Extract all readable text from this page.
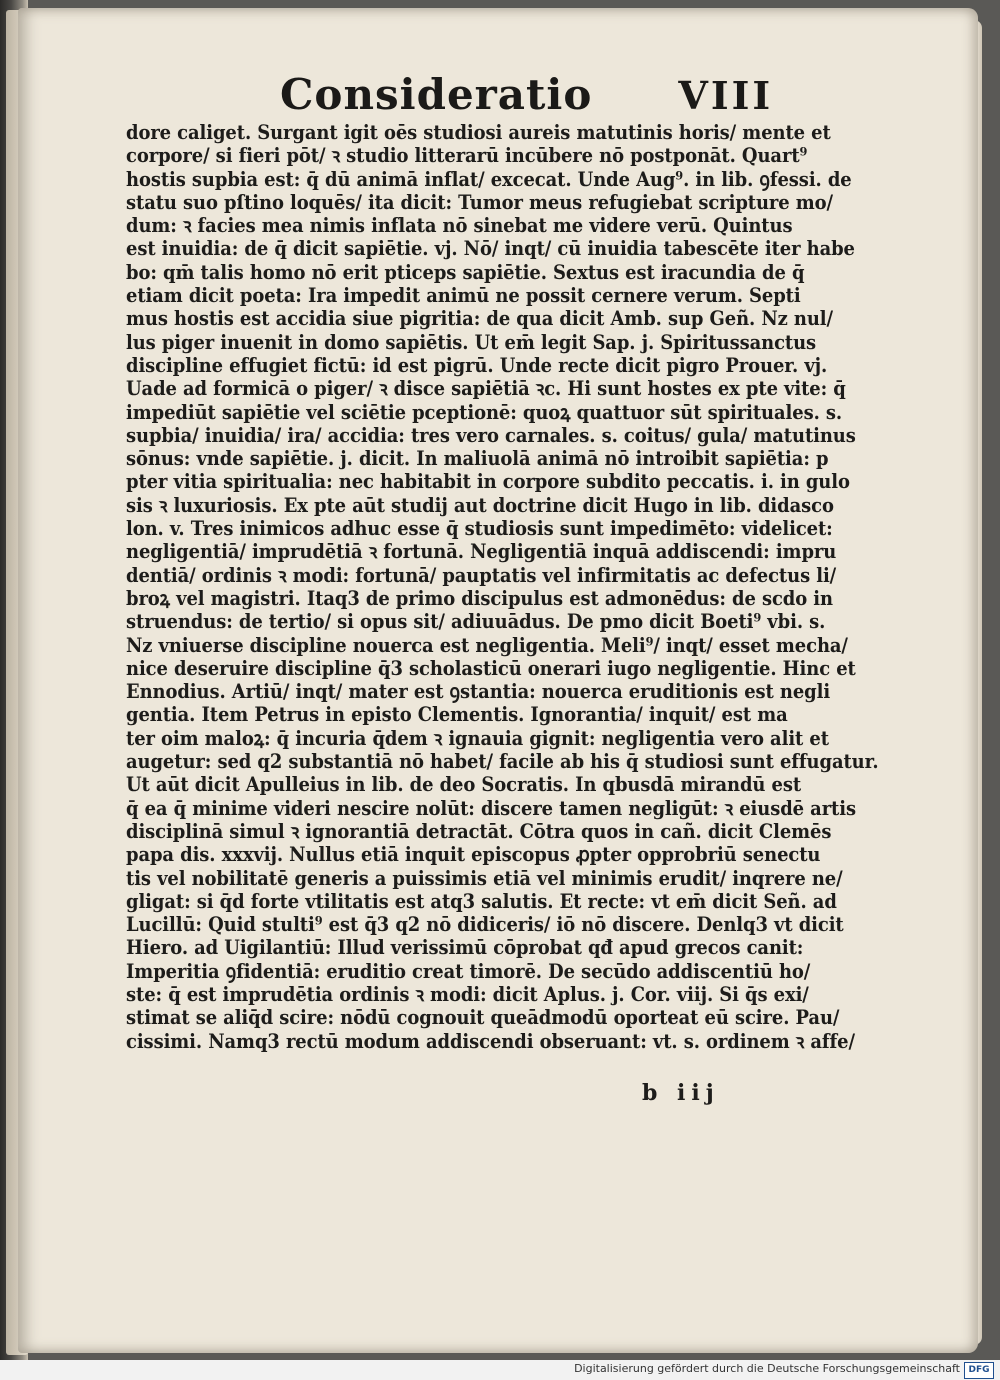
Consideratio VIII
dore caliget. Surgant igit oēs studiosi aureis matutinis horis/ mente et
corpore/ si fieri pōt/ ꝛ studio litterarū incūbere nō postponāt. Quart⁹
hostis supbia est: q̄ dū animā inflat/ excecat. Unde Aug⁹. in lib. ꝯfessi. de
statu suo pſtino loquēs/ ita dicit: Tumor meus refugiebat scripture mo/
dum: ꝛ facies mea nimis inflata nō sinebat me videre verū. Quintus
est inuidia: de q̄ dicit sapiētie. vj. Nō/ inqt/ cū inuidia tabescēte iter habe
bo: qm̄ talis homo nō erit pticeps sapiētie. Sextus est iracundia de q̄
etiam dicit poeta: Ira impedit animū ne possit cernere verum. Septi
mus hostis est accidia siue pigritia: de qua dicit Amb. sup Geñ. Nz nul/
lus piger inuenit in domo sapiētis. Ut em̄ legit Sap. j. Spiritussanctus
discipline effugiet fictū: id est pigrū. Unde recte dicit pigro Prouer. vj.
Uade ad formicā o piger/ ꝛ disce sapiētiā ꝛc. Hi sunt hostes ex pte vite: q̄
impediūt sapiētie vel sciētie pceptionē: quoꝝ quattuor sūt spirituales. s.
supbia/ inuidia/ ira/ accidia: tres vero carnales. s. coitus/ gula/ matutinus
sōnus: vnde sapiētie. j. dicit. In maliuolā animā nō introibit sapiētia: p
pter vitia spiritualia: nec habitabit in corpore subdito peccatis. i. in gulo
sis ꝛ luxuriosis. Ex pte aūt studij aut doctrine dicit Hugo in lib. didasco
lon. v. Tres inimicos adhuc esse q̄ studiosis sunt impedimēto: videlicet:
negligentiā/ imprudētiā ꝛ fortunā. Negligentiā inquā addiscendi: impru
dentiā/ ordinis ꝛ modi: fortunā/ pauptatis vel infirmitatis ac defectus li/
broꝝ vel magistri. Itaq3 de primo discipulus est admonēdus: de scdo in
struendus: de tertio/ si opus sit/ adiuuādus. De pmo dicit Boeti⁹ vbi. s.
Nz vniuerse discipline nouerca est negligentia. Meli⁹/ inqt/ esset mecha/
nice deseruire discipline q̄3 scholasticū onerari iugo negligentie. Hinc et
Ennodius. Artiū/ inqt/ mater est ꝯstantia: nouerca eruditionis est negli
gentia. Item Petrus in episto Clementis. Ignorantia/ inquit/ est ma
ter oim maloꝝ: q̄ incuria q̄dem ꝛ ignauia gignit: negligentia vero alit et
augetur: sed q2 substantiā nō habet/ facile ab his q̄ studiosi sunt effugatur.
Ut aūt dicit Apulleius in lib. de deo Socratis. In qbusdā mirandū est
q̄ ea q̄ minime videri nescire nolūt: discere tamen negligūt: ꝛ eiusdē artis
disciplinā simul ꝛ ignorantiā detractāt. Cōtra quos in cañ. dicit Clemēs
papa dis. xxxvij. Nullus etiā inquit episcopus ꝓpter opprobriū senectu
tis vel nobilitatē generis a puissimis etiā vel minimis erudit/ inqrere ne/
gligat: si q̄d forte vtilitatis est atq3 salutis. Et recte: vt em̄ dicit Señ. ad
Lucillū: Quid stulti⁹ est q̄3 q2 nō didiceris/ iō nō discere. Denlq3 vt dicit
Hiero. ad Uigilantiū: Illud verissimū cōprobat qđ apud grecos canit:
Imperitia ꝯfidentiā: eruditio creat timorē. De secūdo addiscentiū ho/
ste: q̄ est imprudētia ordinis ꝛ modi: dicit Aplus. j. Cor. viij. Si q̄s exi/
stimat se aliq̄d scire: nōdū cognouit queādmodū oporteat eū scire. Pau/
cissimi. Namq3 rectū modum addiscendi obseruant: vt. s. ordinem ꝛ affe/
b iij
Digitalisierung gefördert durch die Deutsche Forschungsgemeinschaft DFG
